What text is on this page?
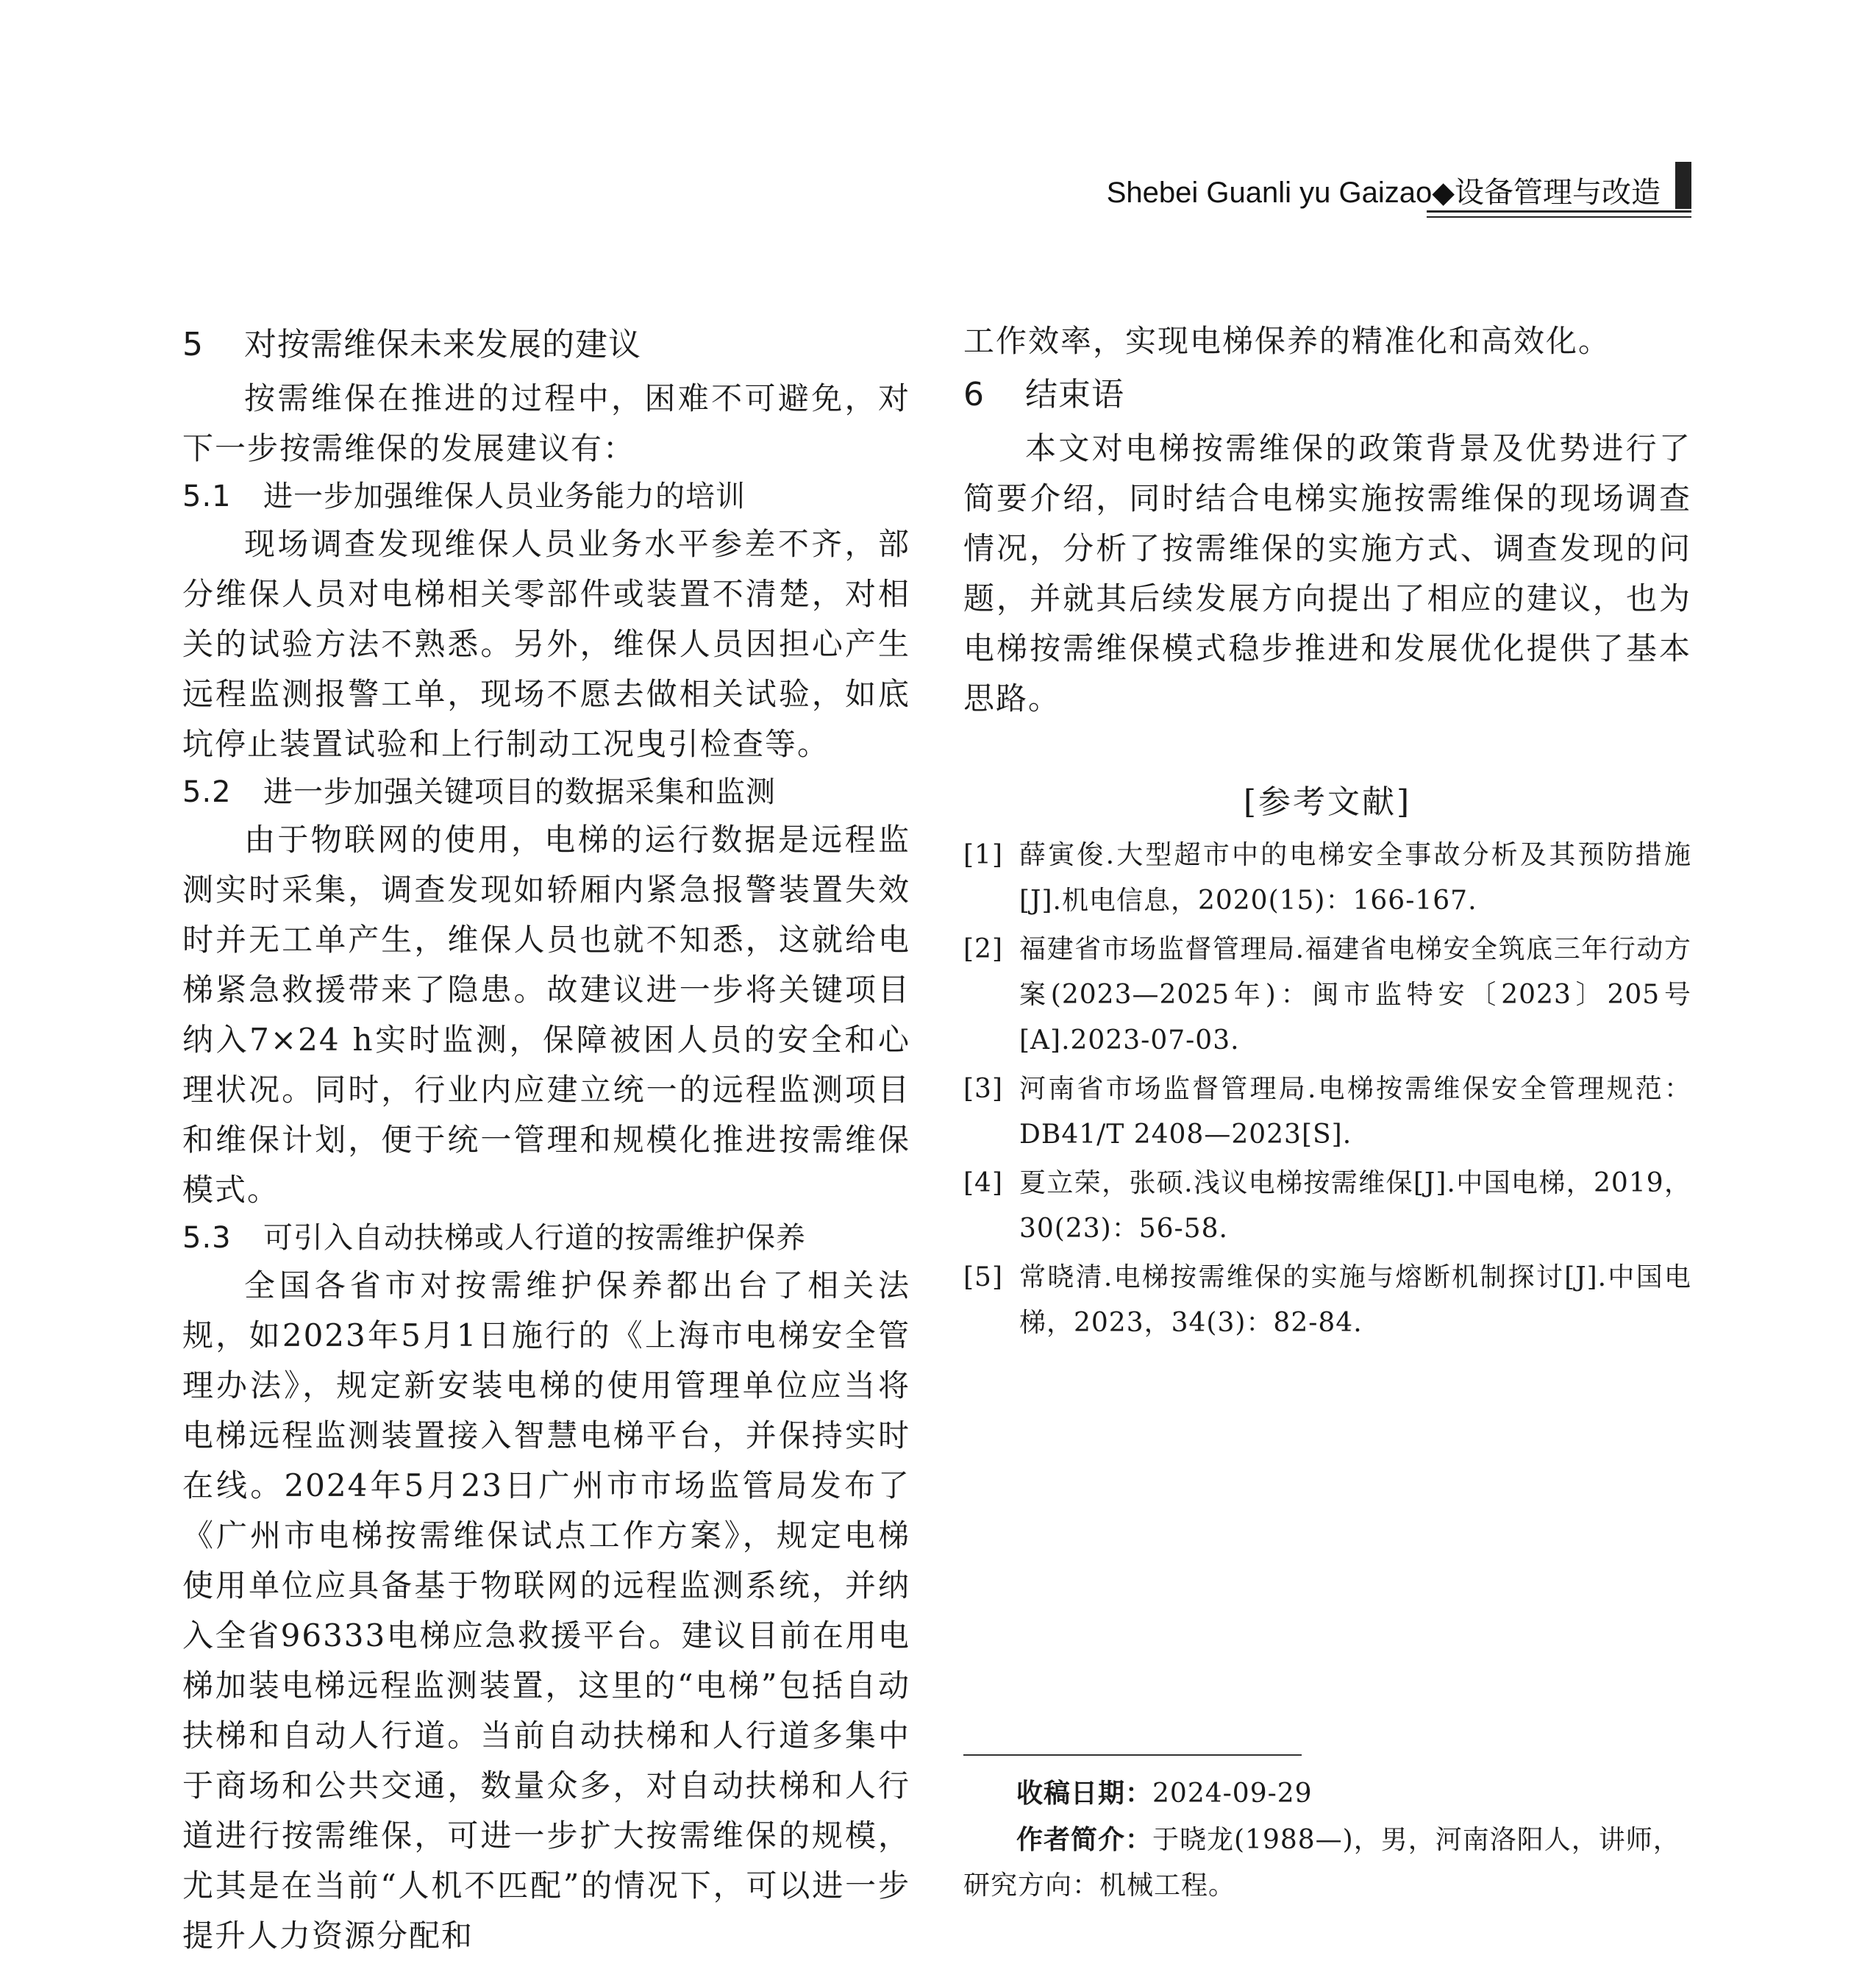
Shebei Guanli yu Gaizao◆设备管理与改造
5 对按需维保未来发展的建议

按需维保在推进的过程中，困难不可避免，对下一步按需维保的发展建议有：

5.1 进一步加强维保人员业务能力的培训

现场调查发现维保人员业务水平参差不齐，部分维保人员对电梯相关零部件或装置不清楚，对相关的试验方法不熟悉。另外，维保人员因担心产生远程监测报警工单，现场不愿去做相关试验，如底坑停止装置试验和上行制动工况曳引检查等。

5.2 进一步加强关键项目的数据采集和监测

由于物联网的使用，电梯的运行数据是远程监测实时采集，调查发现如轿厢内紧急报警装置失效时并无工单产生，维保人员也就不知悉，这就给电梯紧急救援带来了隐患。故建议进一步将关键项目纳入7×24 h实时监测，保障被困人员的安全和心理状况。同时，行业内应建立统一的远程监测项目和维保计划，便于统一管理和规模化推进按需维保模式。

5.3 可引入自动扶梯或人行道的按需维护保养

全国各省市对按需维护保养都出台了相关法规，如2023年5月1日施行的《上海市电梯安全管理办法》，规定新安装电梯的使用管理单位应当将电梯远程监测装置接入智慧电梯平台，并保持实时在线。2024年5月23日广州市市场监管局发布了《广州市电梯按需维保试点工作方案》，规定电梯使用单位应具备基于物联网的远程监测系统，并纳入全省96333电梯应急救援平台。建议目前在用电梯加装电梯远程监测装置，这里的“电梯”包括自动扶梯和自动人行道。当前自动扶梯和人行道多集中于商场和公共交通，数量众多，对自动扶梯和人行道进行按需维保，可进一步扩大按需维保的规模，尤其是在当前“人机不匹配”的情况下，可以进一步提升人力资源分配和

工作效率，实现电梯保养的精准化和高效化。

6 结束语

本文对电梯按需维保的政策背景及优势进行了简要介绍，同时结合电梯实施按需维保的现场调查情况，分析了按需维保的实施方式、调查发现的问题，并就其后续发展方向提出了相应的建议，也为电梯按需维保模式稳步推进和发展优化提供了基本思路。

[参考文献]
[1] 薛寅俊.大型超市中的电梯安全事故分析及其预防措施[J].机电信息，2020(15)：166-167.
[2] 福建省市场监督管理局.福建省电梯安全筑底三年行动方案(2023—2025年)：闽市监特安〔2023〕205号[A].2023-07-03.
[3] 河南省市场监督管理局.电梯按需维保安全管理规范：DB41/T 2408—2023[S].
[4] 夏立荣，张硕.浅议电梯按需维保[J].中国电梯，2019，30(23)：56-58.
[5] 常晓清.电梯按需维保的实施与熔断机制探讨[J].中国电梯，2023，34(3)：82-84.
收稿日期：2024-09-29
作者简介：于晓龙(1988—)，男，河南洛阳人，讲师，研究方向：机械工程。
